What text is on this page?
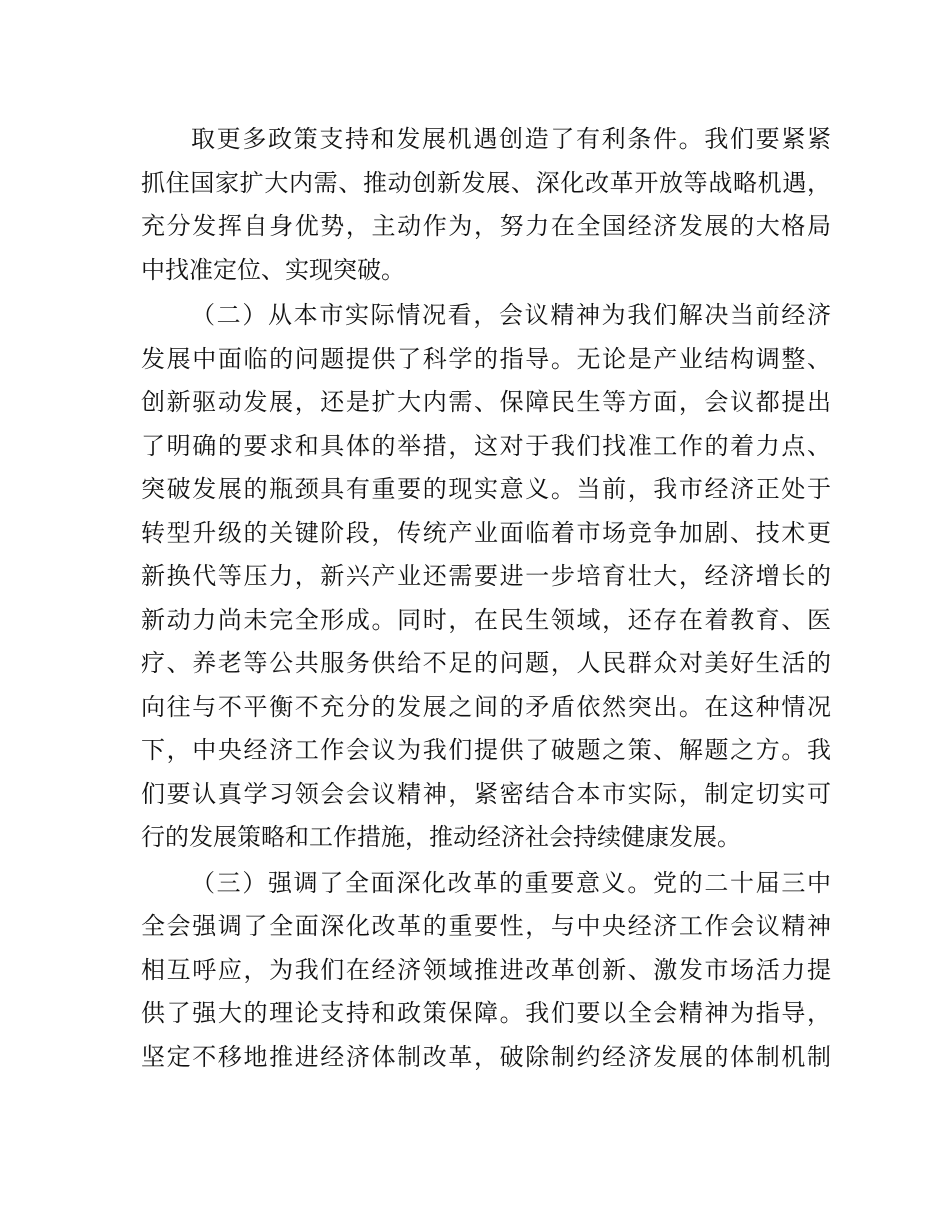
取更多政策支持和发展机遇创造了有利条件。我们要紧紧
抓住国家扩大内需、推动创新发展、深化改革开放等战略机遇，
充分发挥自身优势，主动作为，努力在全国经济发展的大格局
中找准定位、实现突破。
（二）从本市实际情况看，会议精神为我们解决当前经济
发展中面临的问题提供了科学的指导。无论是产业结构调整、
创新驱动发展，还是扩大内需、保障民生等方面，会议都提出
了明确的要求和具体的举措，这对于我们找准工作的着力点、
突破发展的瓶颈具有重要的现实意义。当前，我市经济正处于
转型升级的关键阶段，传统产业面临着市场竞争加剧、技术更
新换代等压力，新兴产业还需要进一步培育壮大，经济增长的
新动力尚未完全形成。同时，在民生领域，还存在着教育、医
疗、养老等公共服务供给不足的问题，人民群众对美好生活的
向往与不平衡不充分的发展之间的矛盾依然突出。在这种情况
下，中央经济工作会议为我们提供了破题之策、解题之方。我
们要认真学习领会会议精神，紧密结合本市实际，制定切实可
行的发展策略和工作措施，推动经济社会持续健康发展。
（三）强调了全面深化改革的重要意义。党的二十届三中
全会强调了全面深化改革的重要性，与中央经济工作会议精神
相互呼应，为我们在经济领域推进改革创新、激发市场活力提
供了强大的理论支持和政策保障。我们要以全会精神为指导，
坚定不移地推进经济体制改革，破除制约经济发展的体制机制
